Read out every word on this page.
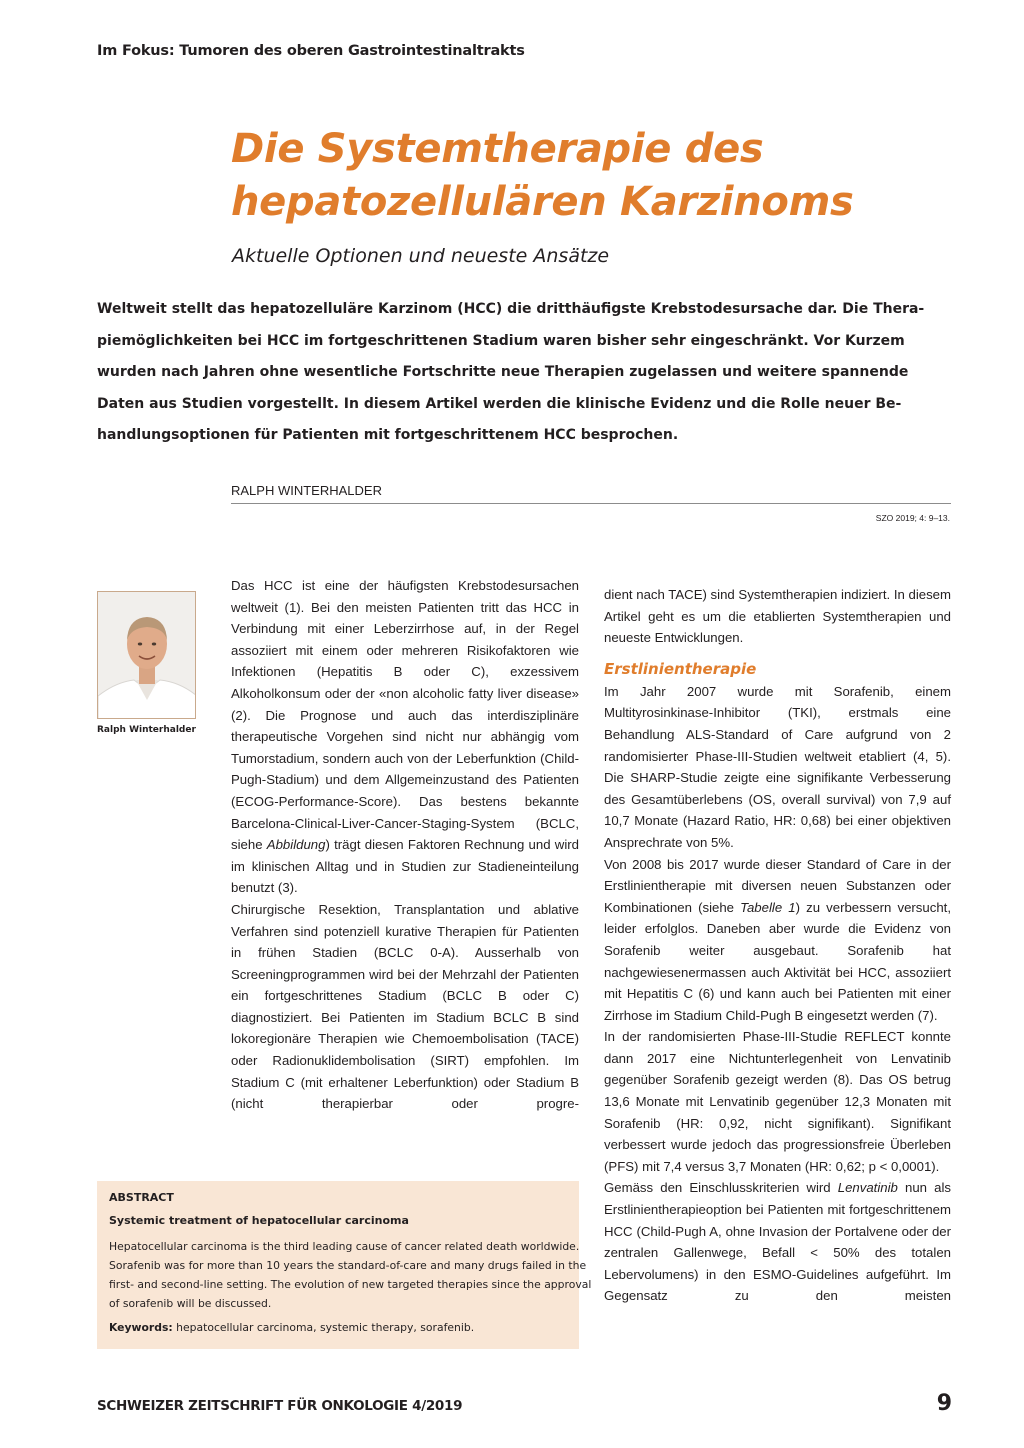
Im Fokus: Tumoren des oberen Gastrointestinaltrakts
Die Systemtherapie des
hepatozellulären Karzinoms
Aktuelle Optionen und neueste Ansätze
Weltweit stellt das hepatozelluläre Karzinom (HCC) die dritthäufigste Krebstodesursache dar. Die Thera-
piemöglichkeiten bei HCC im fortgeschrittenen Stadium waren bisher sehr eingeschränkt. Vor Kurzem
wurden nach Jahren ohne wesentliche Fortschritte neue Therapien zugelassen und weitere spannende
Daten aus Studien vorgestellt. In diesem Artikel werden die klinische Evidenz und die Rolle neuer Be-
handlungsoptionen für Patienten mit fortgeschrittenem HCC besprochen.
RALPH WINTERHALDER
SZO 2019; 4: 9–13.
Ralph Winterhalder

Das HCC ist eine der häufigsten Krebstodesursachen weltweit (1). Bei den meisten Patienten tritt das HCC in Verbindung mit einer Leberzirrhose auf, in der Regel assoziiert mit einem oder mehreren Risikofaktoren wie Infektionen (Hepatitis B oder C), exzessivem Alkoholkonsum oder der «non alcoholic fatty liver disease» (2). Die Prognose und auch das interdisziplinäre therapeutische Vorgehen sind nicht nur abhängig vom Tumorstadium, sondern auch von der Leberfunktion (Child-Pugh-Stadium) und dem Allgemeinzustand des Patienten (ECOG-Performance-Score). Das bestens bekannte Barcelona-Clinical-Liver-Cancer-Staging-System (BCLC, siehe Abbildung) trägt diesen Faktoren Rechnung und wird im klinischen Alltag und in Studien zur Stadieneinteilung benutzt (3).

Chirurgische Resektion, Transplantation und ablative Verfahren sind potenziell kurative Therapien für Patienten in frühen Stadien (BCLC 0-A). Ausserhalb von Screeningprogrammen wird bei der Mehrzahl der Patienten ein fortgeschrittenes Stadium (BCLC B oder C) diagnostiziert. Bei Patienten im Stadium BCLC B sind lokoregionäre Therapien wie Chemoembolisation (TACE) oder Radionuklidembolisation (SIRT) empfohlen. Im Stadium C (mit erhaltener Leberfunktion) oder Stadium B (nicht therapierbar oder progre-

dient nach TACE) sind Systemtherapien indiziert. In diesem Artikel geht es um die etablierten Systemtherapien und neueste Entwicklungen.

Erstlinientherapie

Im Jahr 2007 wurde mit Sorafenib, einem Multityrosinkinase-Inhibitor (TKI), erstmals eine Behandlung ALS-Standard of Care aufgrund von 2 randomisierter Phase-III-Studien weltweit etabliert (4, 5). Die SHARP-Studie zeigte eine signifikante Verbesserung des Gesamtüberlebens (OS, overall survival) von 7,9 auf 10,7 Monate (Hazard Ratio, HR: 0,68) bei einer objektiven Ansprechrate von 5%.

Von 2008 bis 2017 wurde dieser Standard of Care in der Erstlinientherapie mit diversen neuen Substanzen oder Kombinationen (siehe Tabelle 1) zu verbessern versucht, leider erfolglos. Daneben aber wurde die Evidenz von Sorafenib weiter ausgebaut. Sorafenib hat nachgewiesenermassen auch Aktivität bei HCC, assoziiert mit Hepatitis C (6) und kann auch bei Patienten mit einer Zirrhose im Stadium Child-Pugh B eingesetzt werden (7).

In der randomisierten Phase-III-Studie REFLECT konnte dann 2017 eine Nichtunterlegenheit von Lenvatinib gegenüber Sorafenib gezeigt werden (8). Das OS betrug 13,6 Monate mit Lenvatinib gegenüber 12,3 Monaten mit Sorafenib (HR: 0,92, nicht signifikant). Signifikant verbessert wurde jedoch das progressionsfreie Überleben (PFS) mit 7,4 versus 3,7 Monaten (HR: 0,62; p < 0,0001).

Gemäss den Einschlusskriterien wird Lenvatinib nun als Erstlinientherapieoption bei Patienten mit fortgeschrittenem HCC (Child-Pugh A, ohne Invasion der Portalvene oder der zentralen Gallenwege, Befall < 50% des totalen Lebervolumens) in den ESMO-Guidelines aufgeführt. Im Gegensatz zu den meisten

ABSTRACT
Systemic treatment of hepatocellular carcinoma
Hepatocellular carcinoma is the third leading cause of cancer related death worldwide.
Sorafenib was for more than 10 years the standard-of-care and many drugs failed in the
first- and second-line setting. The evolution of new targeted therapies since the approval
of sorafenib will be discussed.
Keywords: hepatocellular carcinoma, systemic therapy, sorafenib.
SCHWEIZER ZEITSCHRIFT FÜR ONKOLOGIE 4/2019	9
